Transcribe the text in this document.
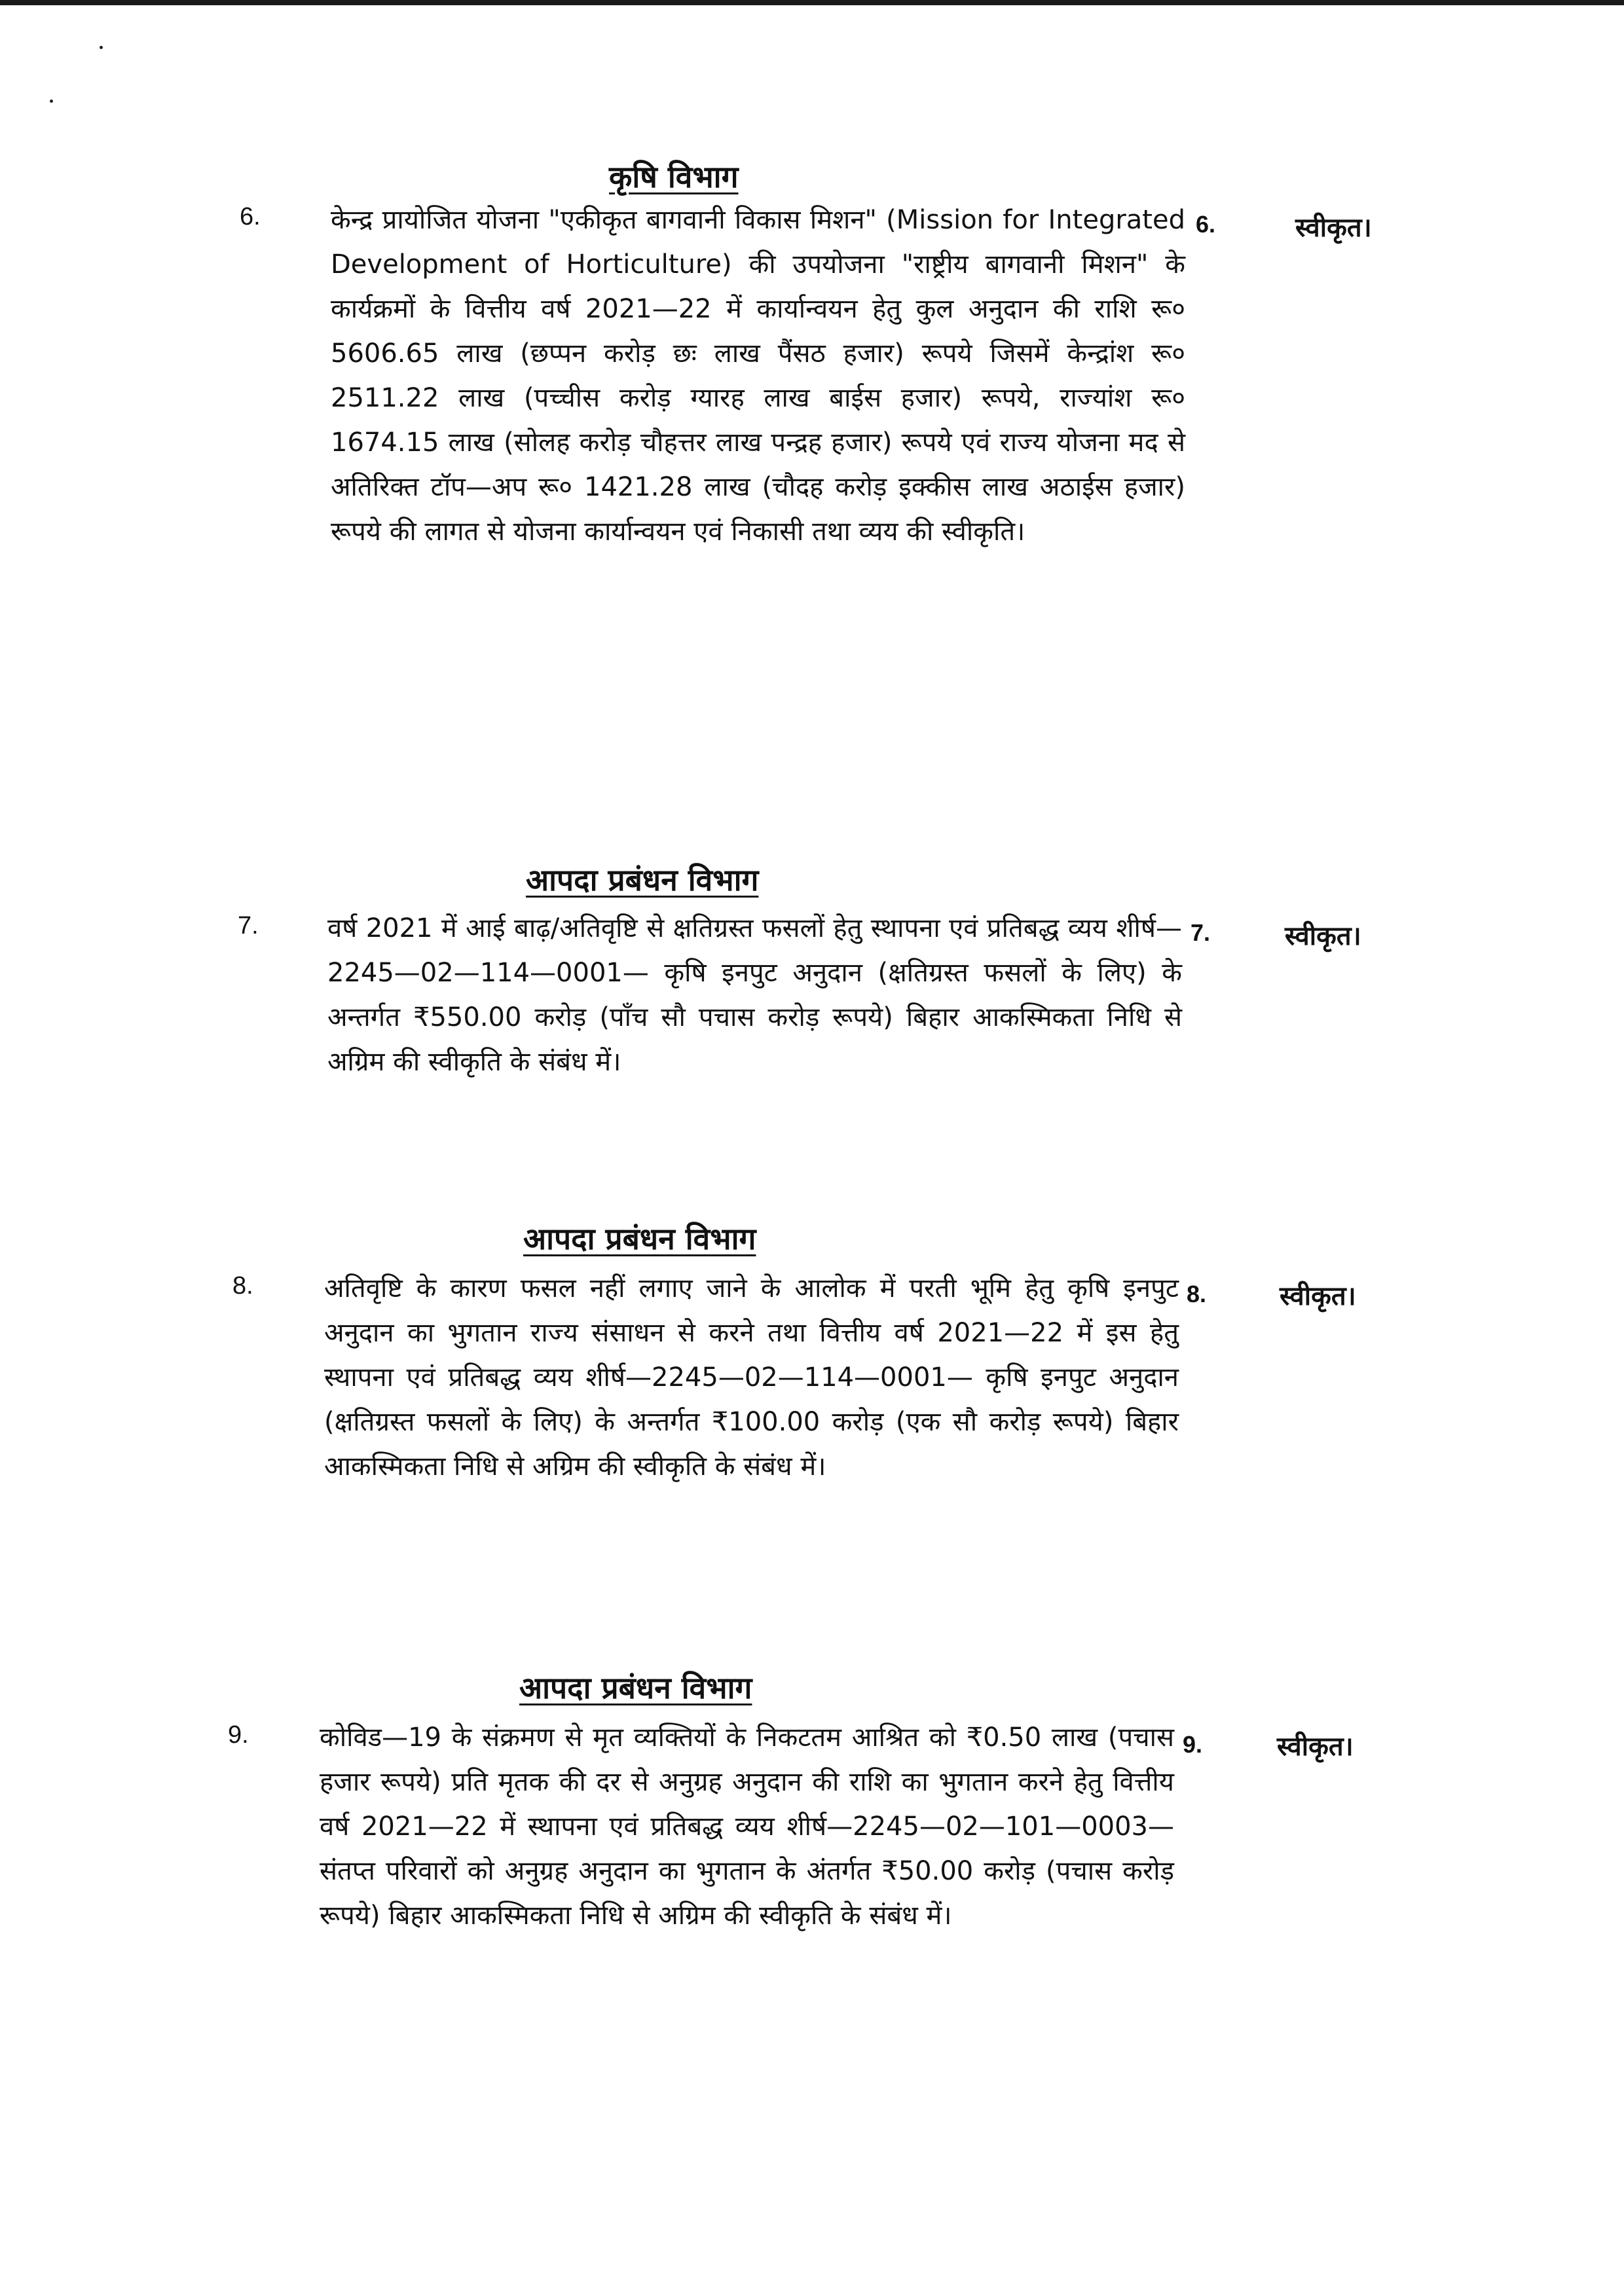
कृषि विभाग

6.	केन्द्र प्रायोजित योजना "एकीकृत बागवानी विकास मिशन" (Mission for Integrated Development of Horticulture) की उपयोजना "राष्ट्रीय बागवानी मिशन" के कार्यक्रमों के वित्तीय वर्ष 2021—22 में कार्यान्वयन हेतु कुल अनुदान की राशि रू० 5606.65 लाख (छप्पन करोड़ छः लाख पैंसठ हजार) रूपये जिसमें केन्द्रांश रू० 2511.22 लाख (पच्चीस करोड़ ग्यारह लाख बाईस हजार) रूपये, राज्यांश रू० 1674.15 लाख (सोलह करोड़ चौहत्तर लाख पन्द्रह हजार) रूपये एवं राज्य योजना मद से अतिरिक्त टॉप—अप रू० 1421.28 लाख (चौदह करोड़ इक्कीस लाख अठाईस हजार) रूपये की लागत से योजना कार्यान्वयन एवं निकासी तथा व्यय की स्वीकृति।

6.	स्वीकृत।

आपदा प्रबंधन विभाग

7.	वर्ष 2021 में आई बाढ़/अतिवृष्टि से क्षतिग्रस्त फसलों हेतु स्थापना एवं प्रतिबद्ध व्यय शीर्ष—2245—02—114—0001— कृषि इनपुट अनुदान (क्षतिग्रस्त फसलों के लिए) के अन्तर्गत ₹550.00 करोड़ (पाँच सौ पचास करोड़ रूपये) बिहार आकस्मिकता निधि से अग्रिम की स्वीकृति के संबंध में।

7.	स्वीकृत।

आपदा प्रबंधन विभाग

8.	अतिवृष्टि के कारण फसल नहीं लगाए जाने के आलोक में परती भूमि हेतु कृषि इनपुट अनुदान का भुगतान राज्य संसाधन से करने तथा वित्तीय वर्ष 2021—22 में इस हेतु स्थापना एवं प्रतिबद्ध व्यय शीर्ष—2245—02—114—0001— कृषि इनपुट अनुदान (क्षतिग्रस्त फसलों के लिए) के अन्तर्गत ₹100.00 करोड़ (एक सौ करोड़ रूपये) बिहार आकस्मिकता निधि से अग्रिम की स्वीकृति के संबंध में।

8.	स्वीकृत।

आपदा प्रबंधन विभाग

9.	कोविड—19 के संक्रमण से मृत व्यक्तियों के निकटतम आश्रित को ₹0.50 लाख (पचास हजार रूपये) प्रति मृतक की दर से अनुग्रह अनुदान की राशि का भुगतान करने हेतु वित्तीय वर्ष 2021—22 में स्थापना एवं प्रतिबद्ध व्यय शीर्ष—2245—02—101—0003—संतप्त परिवारों को अनुग्रह अनुदान का भुगतान के अंतर्गत ₹50.00 करोड़ (पचास करोड़ रूपये) बिहार आकस्मिकता निधि से अग्रिम की स्वीकृति के संबंध में।

9.	स्वीकृत।
